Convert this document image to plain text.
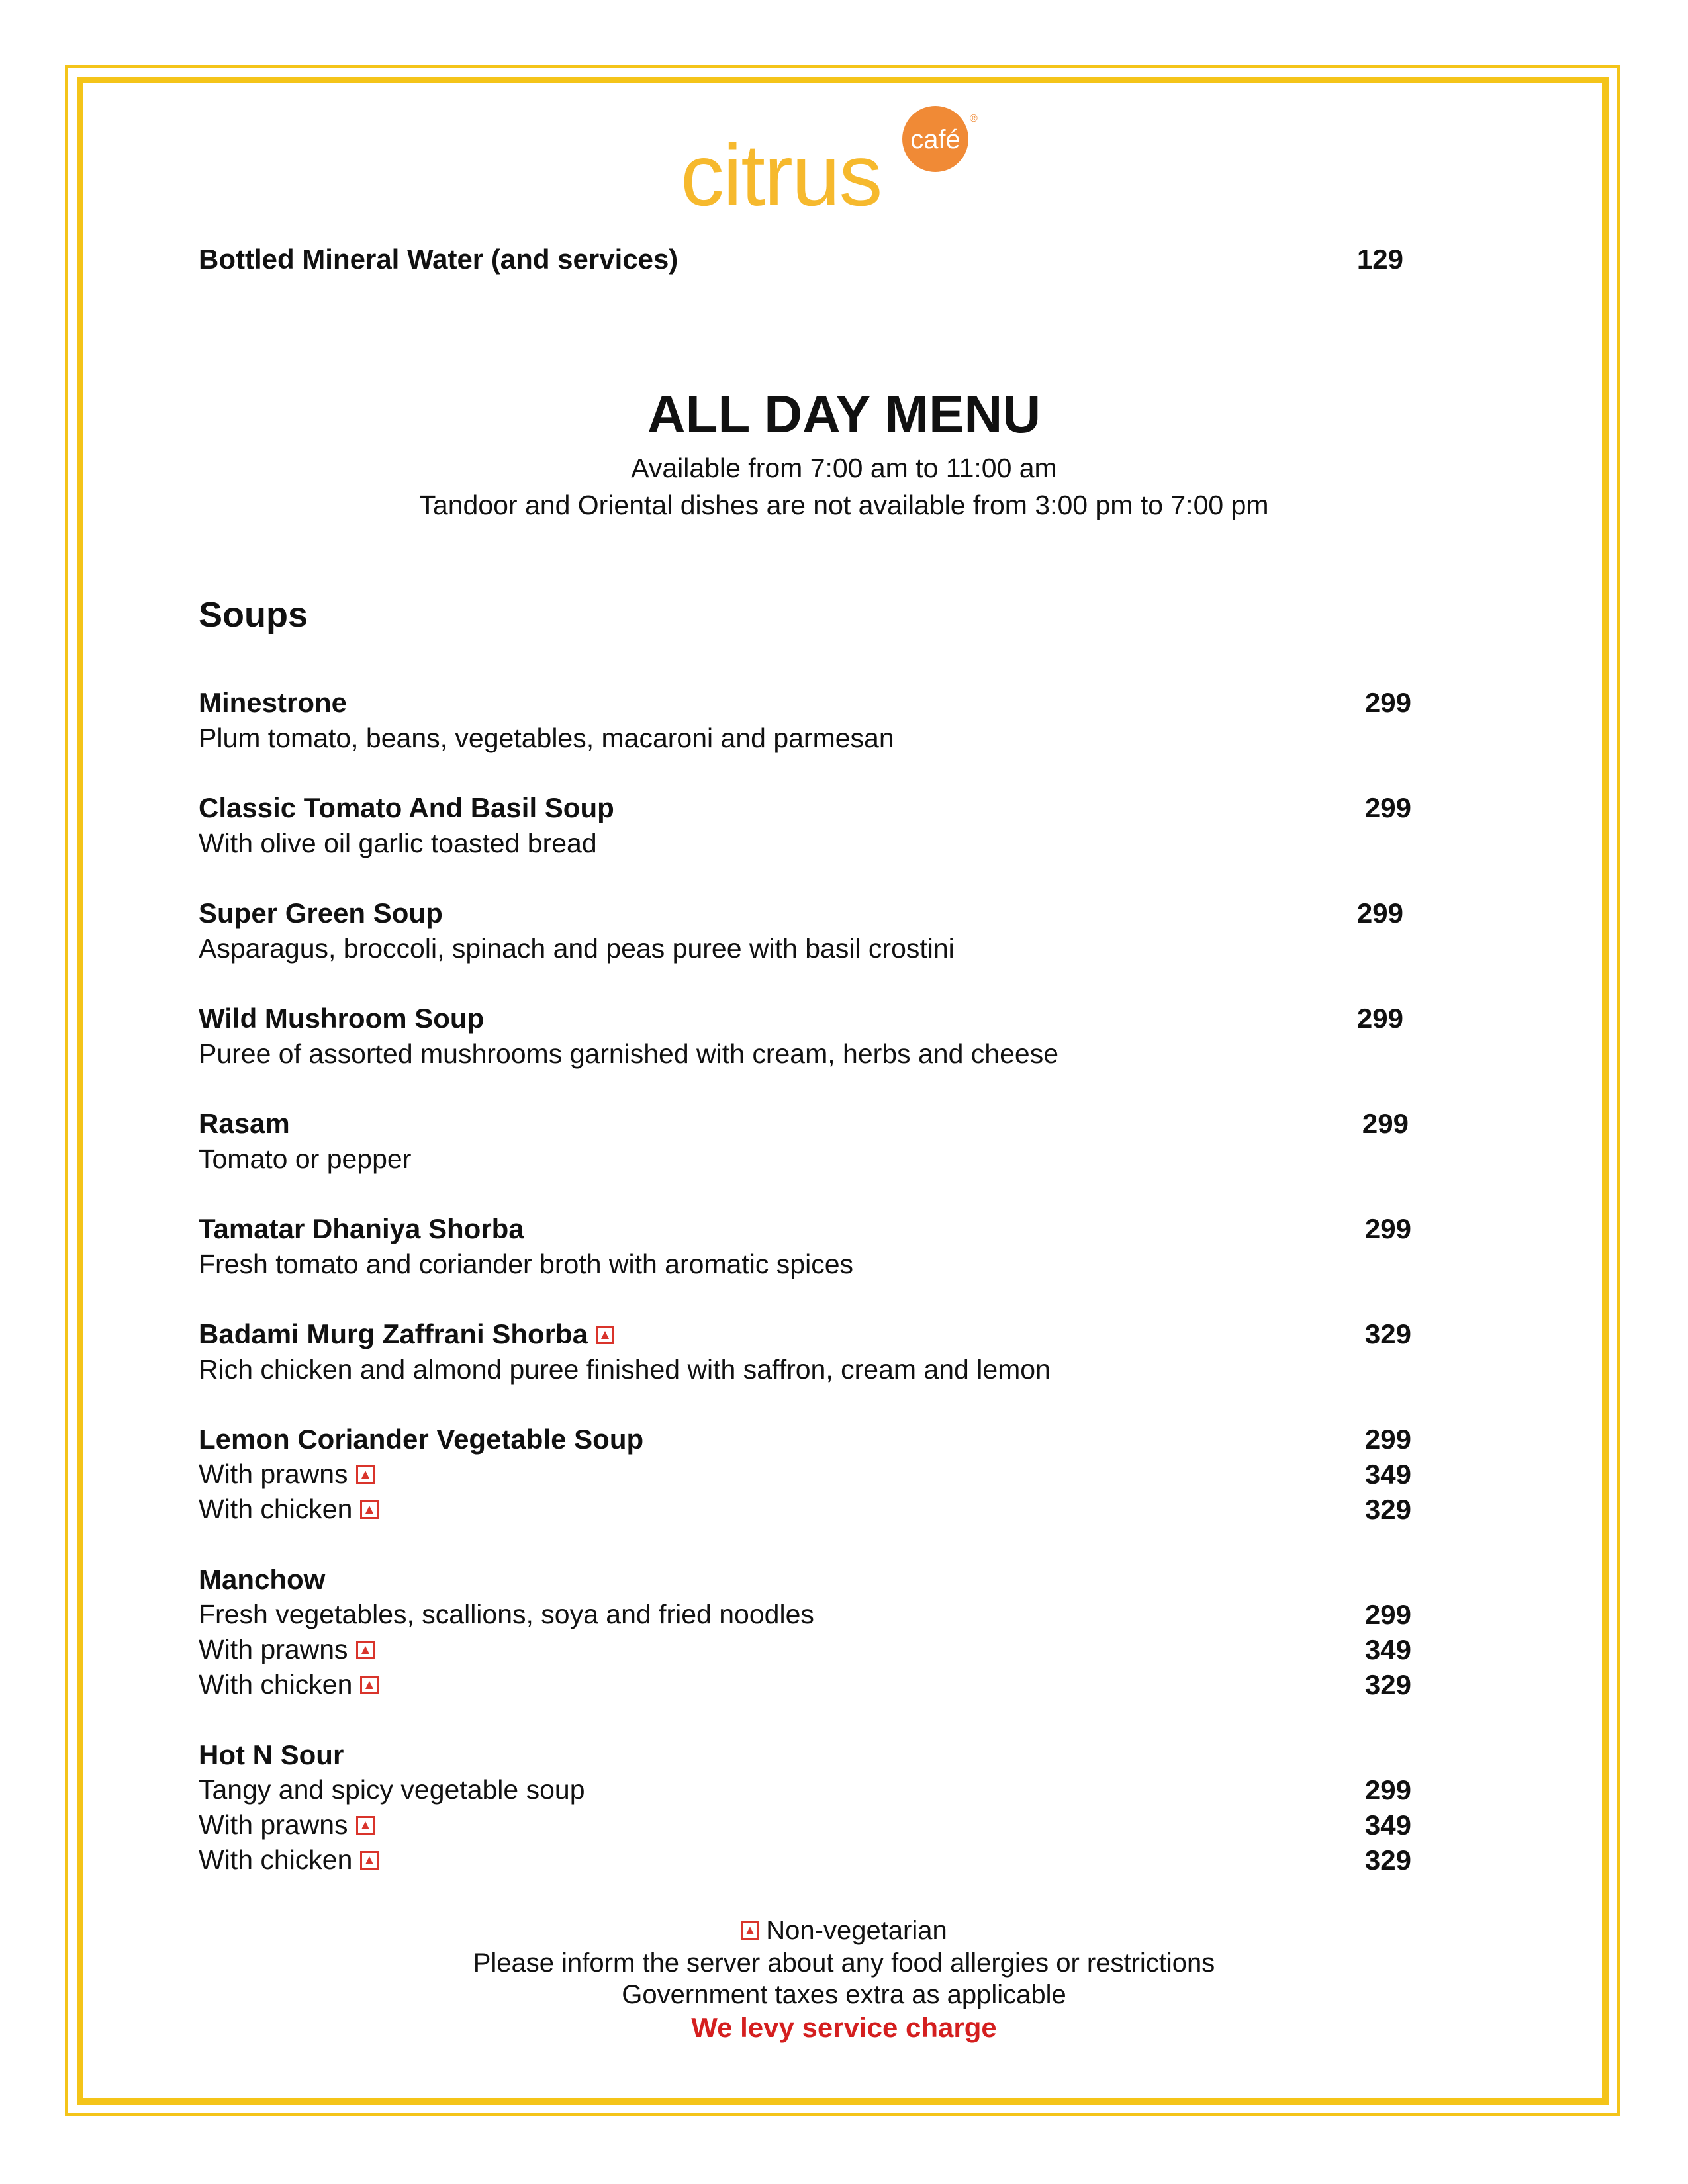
café
®
citrus
Bottled Mineral Water (and services)	129
ALL DAY MENU
Available from 7:00 am to 11:00 am
Tandoor and Oriental dishes are not available from 3:00 pm to 7:00 pm
Soups
Minestrone	299
Plum tomato, beans, vegetables, macaroni and parmesan
Classic Tomato And Basil Soup	299
With olive oil garlic toasted bread
Super Green Soup	299
Asparagus, broccoli, spinach and peas puree with basil crostini
Wild Mushroom Soup	299
Puree of assorted mushrooms garnished with cream, herbs and cheese
Rasam	299
Tomato or pepper
Tamatar Dhaniya Shorba	299
Fresh tomato and coriander broth with aromatic spices
Badami Murg Zaffrani Shorba	329
Rich chicken and almond puree finished with saffron, cream and lemon
Lemon Coriander Vegetable Soup	299
With prawns	349
With chicken	329
Manchow
Fresh vegetables, scallions, soya and fried noodles	299
With prawns	349
With chicken	329
Hot N Sour
Tangy and spicy vegetable soup	299
With prawns	349
With chicken	329
Non-vegetarian
Please inform the server about any food allergies or restrictions
Government taxes extra as applicable
We levy service charge
